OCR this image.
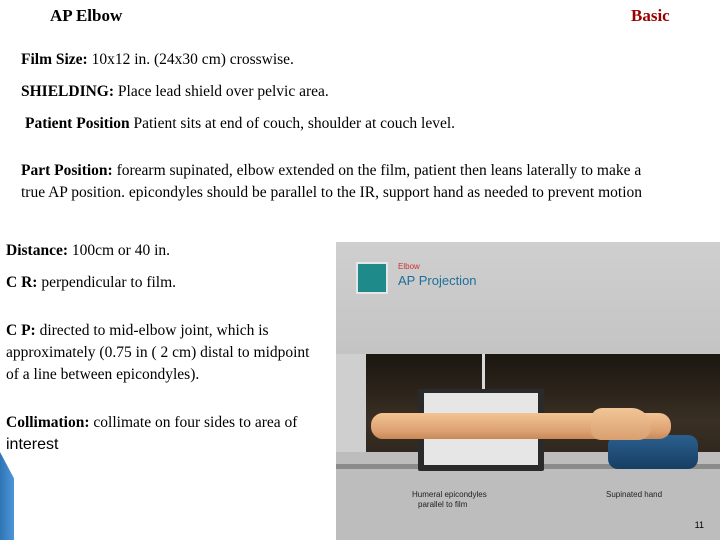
AP Elbow	Basic
Film Size: 10x12 in. (24x30 cm) crosswise.
SHIELDING: Place lead shield over pelvic area.
Patient Position Patient sits at end of couch, shoulder at couch level.
Part Position: forearm supinated, elbow extended on the film, patient then leans laterally to make a true AP position. epicondyles should be parallel to the IR, support hand as needed to prevent motion
Distance: 100cm or 40 in.
C R: perpendicular to film.
C P: directed to mid-elbow joint, which is approximately (0.75 in ( 2 cm) distal to midpoint of a line between epicondyles).
Collimation: collimate on four sides to area of interest
Elbow
AP Projection
Humeral epicondyles
parallel to film
Supinated hand
11
